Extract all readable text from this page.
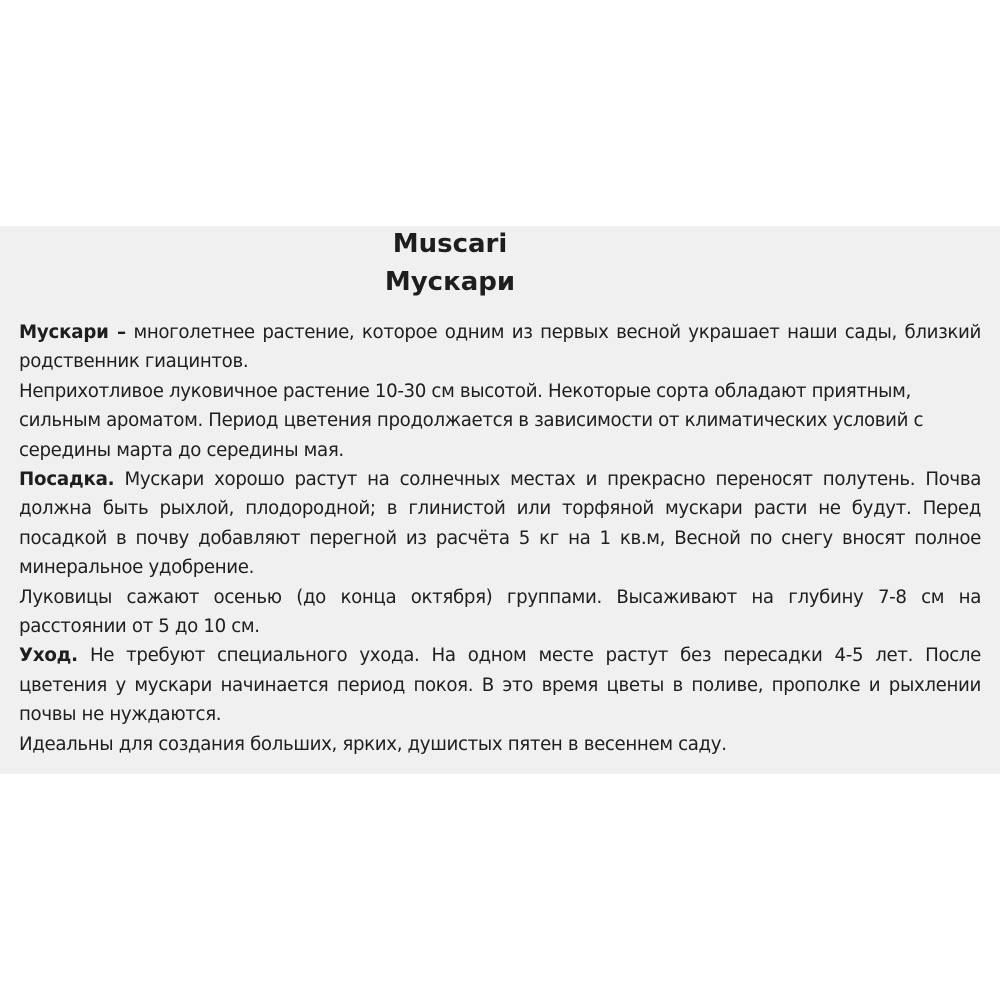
Muscari
Мускари

Мускари – многолетнее растение, которое одним из первых весной украшает наши сады, близкий родственник гиацинтов.

Неприхотливое луковичное растение 10-30 см высотой. Некоторые сорта обладают приятным, сильным ароматом. Период цветения продолжается в зависимости от климатических условий с середины марта до середины мая.

Посадка. Мускари хорошо растут на солнечных местах и прекрасно переносят полутень. Почва должна быть рыхлой, плодородной; в глинистой или торфяной мускари расти не будут. Перед посадкой в почву добавляют перегной из расчёта 5 кг на 1 кв.м, Весной по снегу вносят полное минеральное удобрение.

Луковицы сажают осенью (до конца октября) группами. Высаживают на глубину 7-8 см на расстоянии от 5 до 10 см.

Уход. Не требуют специального ухода. На одном месте растут без пересадки 4-5 лет. После цветения у мускари начинается период покоя. В это время цветы в поливе, прополке и рыхлении почвы не нуждаются.

Идеальны для создания больших, ярких, душистых пятен в весеннем саду.
